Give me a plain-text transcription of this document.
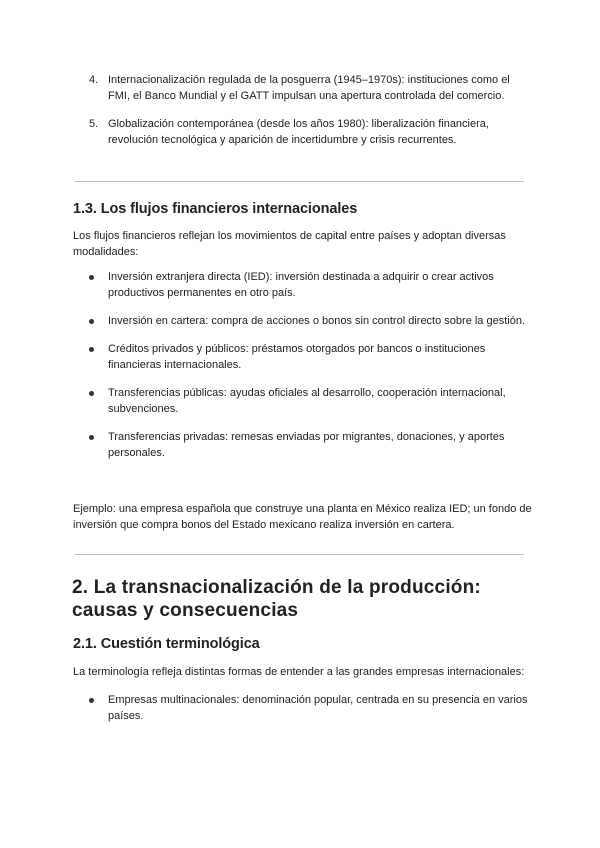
4. Internacionalización regulada de la posguerra (1945–1970s): instituciones como el FMI, el Banco Mundial y el GATT impulsan una apertura controlada del comercio.

5. Globalización contemporánea (desde los años 1980): liberalización financiera, revolución tecnológica y aparición de incertidumbre y crisis recurrentes.

1.3. Los flujos financieros internacionales

Los flujos financieros reflejan los movimientos de capital entre países y adoptan diversas modalidades:

Inversión extranjera directa (IED): inversión destinada a adquirir o crear activos productivos permanentes en otro país.

Inversión en cartera: compra de acciones o bonos sin control directo sobre la gestión.

Créditos privados y públicos: préstamos otorgados por bancos o instituciones financieras internacionales.

Transferencias públicas: ayudas oficiales al desarrollo, cooperación internacional, subvenciones.

Transferencias privadas: remesas enviadas por migrantes, donaciones, y aportes personales.

Ejemplo: una empresa española que construye una planta en México realiza IED; un fondo de inversión que compra bonos del Estado mexicano realiza inversión en cartera.

2. La transnacionalización de la producción: causas y consecuencias
2.1. Cuestión terminológica

La terminología refleja distintas formas de entender a las grandes empresas internacionales:

Empresas multinacionales: denominación popular, centrada en su presencia en varios países.
